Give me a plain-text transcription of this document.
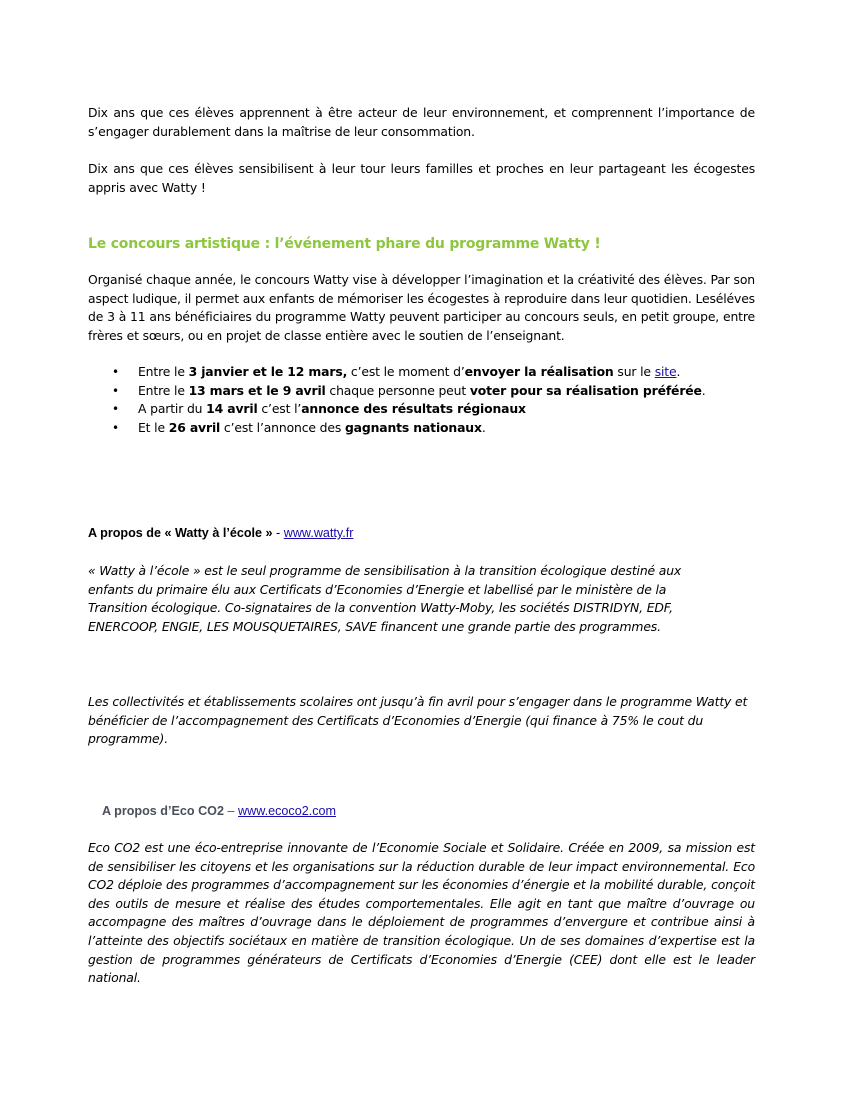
Dix ans que ces élèves apprennent à être acteur de leur environnement, et comprennent l’importance de s’engager durablement dans la maîtrise de leur consommation.

Dix ans que ces élèves sensibilisent à leur tour leurs familles et proches en leur partageant les écogestes appris avec Watty !

Le concours artistique : l’événement phare du programme Watty !

Organisé chaque année, le concours Watty vise à développer l’imagination et la créativité des élèves. Par son aspect ludique, il permet aux enfants de mémoriser les écogestes à reproduire dans leur quotidien. Leséléves de 3 à 11 ans bénéficiaires du programme Watty peuvent participer au concours seuls, en petit groupe, entre frères et sœurs, ou en projet de classe entière avec le soutien de l’enseignant.

• Entre le 3 janvier et le 12 mars, c’est le moment d’envoyer la réalisation sur le site.
• Entre le 13 mars et le 9 avril chaque personne peut voter pour sa réalisation préférée.
• A partir du 14 avril c’est l’annonce des résultats régionaux
• Et le 26 avril c’est l’annonce des gagnants nationaux.

A propos de « Watty à l’école » - www.watty.fr

« Watty à l’école » est le seul programme de sensibilisation à la transition écologique destiné aux enfants du primaire élu aux Certificats d’Economies d’Energie et labellisé par le ministère de la Transition écologique. Co-signataires de la convention Watty-Moby, les sociétés DISTRIDYN, EDF, ENERCOOP, ENGIE, LES MOUSQUETAIRES, SAVE financent une grande partie des programmes.

Les collectivités et établissements scolaires ont jusqu’à fin avril pour s’engager dans le programme Watty et bénéficier de l’accompagnement des Certificats d’Economies d’Energie (qui finance à 75% le cout du programme).

A propos d’Eco CO2 – www.ecoco2.com

Eco CO2 est une éco-entreprise innovante de l’Economie Sociale et Solidaire. Créée en 2009, sa mission est de sensibiliser les citoyens et les organisations sur la réduction durable de leur impact environnemental. Eco CO2 déploie des programmes d’accompagnement sur les économies d’énergie et la mobilité durable, conçoit des outils de mesure et réalise des études comportementales. Elle agit en tant que maître d’ouvrage ou accompagne des maîtres d’ouvrage dans le déploiement de programmes d’envergure et contribue ainsi à l’atteinte des objectifs sociétaux en matière de transition écologique. Un de ses domaines d’expertise est la gestion de programmes générateurs de Certificats d’Economies d’Energie (CEE) dont elle est le leader national.
